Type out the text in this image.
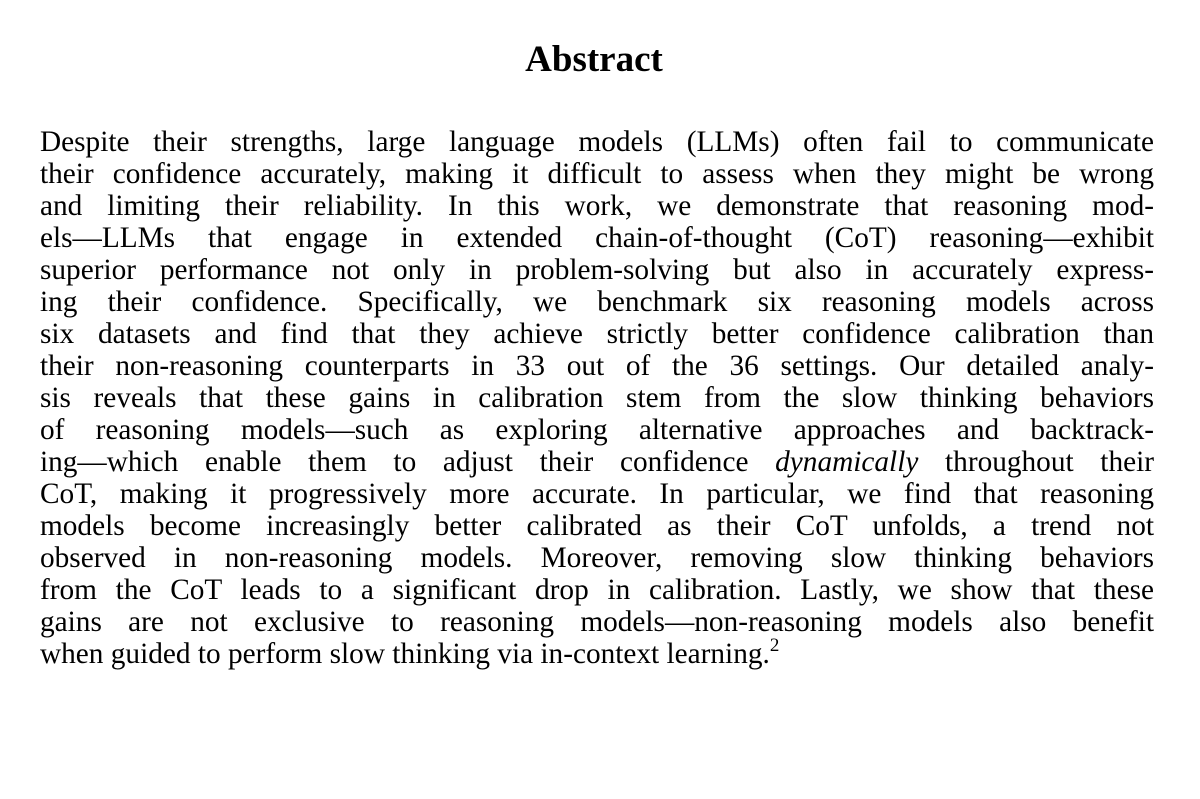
Abstract
Despite their strengths, large language models (LLMs) often fail to communicate
their confidence accurately, making it difficult to assess when they might be wrong
and limiting their reliability. In this work, we demonstrate that reasoning mod-
els—LLMs that engage in extended chain-of-thought (CoT) reasoning—exhibit
superior performance not only in problem-solving but also in accurately express-
ing their confidence. Specifically, we benchmark six reasoning models across
six datasets and find that they achieve strictly better confidence calibration than
their non-reasoning counterparts in 33 out of the 36 settings. Our detailed analy-
sis reveals that these gains in calibration stem from the slow thinking behaviors
of reasoning models—such as exploring alternative approaches and backtrack-
ing—which enable them to adjust their confidence dynamically throughout their
CoT, making it progressively more accurate. In particular, we find that reasoning
models become increasingly better calibrated as their CoT unfolds, a trend not
observed in non-reasoning models. Moreover, removing slow thinking behaviors
from the CoT leads to a significant drop in calibration. Lastly, we show that these
gains are not exclusive to reasoning models—non-reasoning models also benefit
when guided to perform slow thinking via in-context learning.$^2$
